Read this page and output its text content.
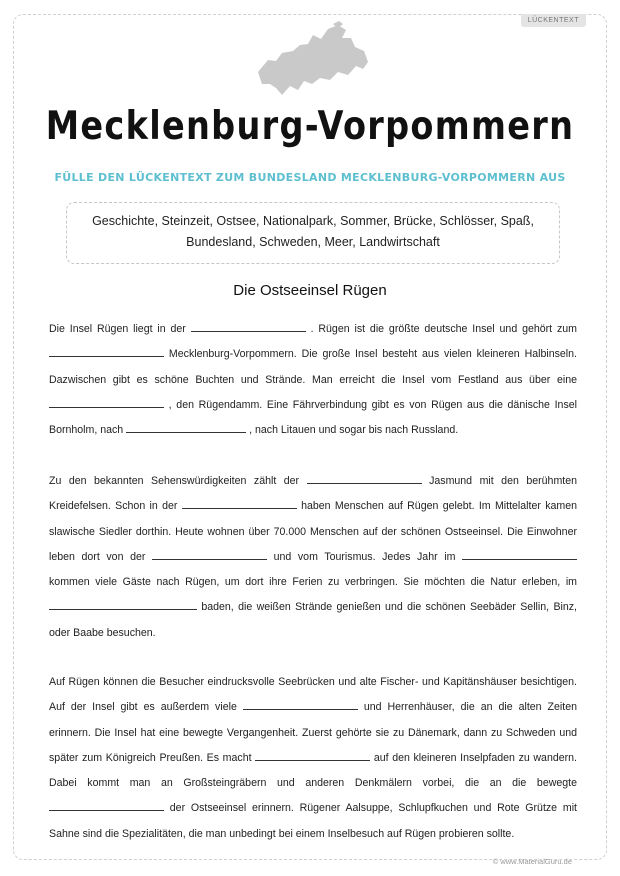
LÜCKENTEXT
Mecklenburg-Vorpommern
FÜLLE DEN LÜCKENTEXT ZUM BUNDESLAND MECKLENBURG-VORPOMMERN AUS
Geschichte, Steinzeit, Ostsee, Nationalpark, Sommer, Brücke, Schlösser, Spaß,
Bundesland, Schweden, Meer, Landwirtschaft
Die Ostseeinsel Rügen
Die Insel Rügen liegt in der	. Rügen ist die größte deutsche Insel und gehört zum  Mecklenburg-Vorpommern. Die große Insel besteht aus vielen kleineren Halbinseln. Dazwischen gibt es schöne Buchten und Strände. Man erreicht die Insel vom Festland aus über eine  , den Rügendamm. Eine Fährverbindung gibt es von Rügen aus die dänische Insel Bornholm, nach	, nach Litauen und sogar bis nach Russland.
Zu den bekannten Sehenswürdigkeiten zählt der	Jasmund mit den berühmten Kreidefelsen. Schon in der	haben Menschen auf Rügen gelebt. Im Mittelalter kamen slawische Siedler dorthin. Heute wohnen über 70.000 Menschen auf der schönen Ostseeinsel. Die Einwohner leben dort von der	und vom Tourismus. Jedes Jahr im  kommen viele Gäste nach Rügen, um dort ihre Ferien zu verbringen. Sie möchten die Natur erleben, im  baden, die weißen Strände genießen und die schönen Seebäder Sellin, Binz, oder Baabe besuchen.
Auf Rügen können die Besucher eindrucksvolle Seebrücken und alte Fischer- und Kapitänshäuser besichtigen. Auf der Insel gibt es außerdem viele	und Herrenhäuser, die an die alten Zeiten erinnern. Die Insel hat eine bewegte Vergangenheit. Zuerst gehörte sie zu Dänemark, dann zu Schweden und später zum Königreich Preußen. Es macht	auf den kleineren Inselpfaden zu wandern. Dabei kommt man an Großsteingräbern und anderen Denkmälern vorbei, die an die bewegte  der Ostseeinsel erinnern. Rügener Aalsuppe, Schlupfkuchen und Rote Grütze mit Sahne sind die Spezialitäten, die man unbedingt bei einem Inselbesuch auf Rügen probieren sollte.
© www.MaterialGuru.de
